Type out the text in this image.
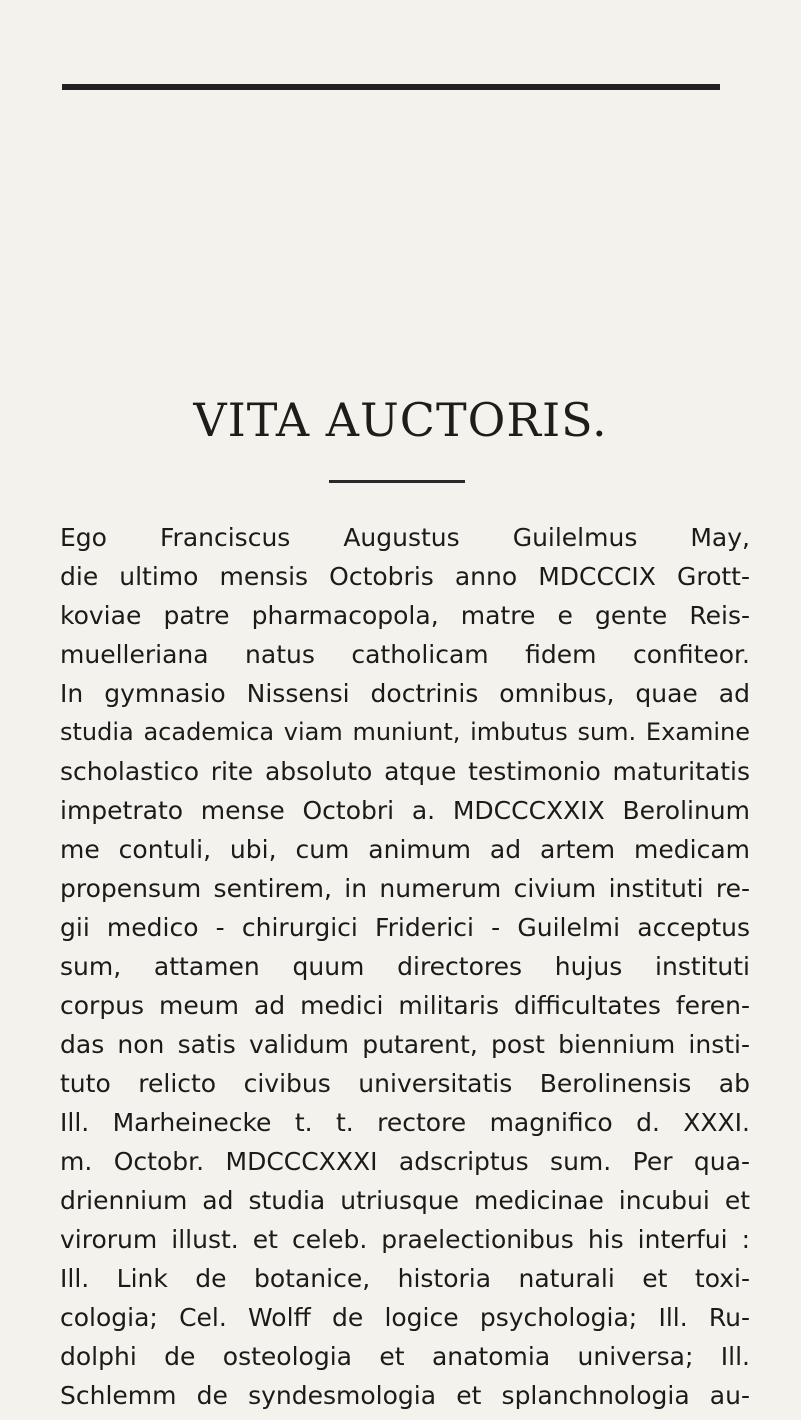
VITA AUCTORIS.
Ego Franciscus Augustus Guilelmus May,
die ultimo mensis Octobris anno MDCCCIX Grott-
koviae patre pharmacopola, matre e gente Reis-
muelleriana natus catholicam fidem confiteor.
In gymnasio Nissensi doctrinis omnibus, quae ad
studia academica viam muniunt, imbutus sum. Examine
scholastico rite absoluto atque testimonio maturitatis
impetrato mense Octobri a. MDCCCXXIX Berolinum
me contuli, ubi, cum animum ad artem medicam
propensum sentirem, in numerum civium instituti re-
gii medico - chirurgici Friderici - Guilelmi acceptus
sum, attamen quum directores hujus instituti
corpus meum ad medici militaris difficultates feren-
das non satis validum putarent, post biennium insti-
tuto relicto civibus universitatis Berolinensis ab
Ill. Marheinecke t. t. rectore magnifico d. XXXI.
m. Octobr. MDCCCXXXI adscriptus sum. Per qua-
driennium ad studia utriusque medicinae incubui et
virorum illust. et celeb. praelectionibus his interfui :
Ill. Link de botanice, historia naturali et toxi-
cologia; Cel. Wolff de logice psychologia; Ill. Ru-
dolphi de osteologia et anatomia universa; Ill.
Schlemm de syndesmologia et splanchnologia au-
